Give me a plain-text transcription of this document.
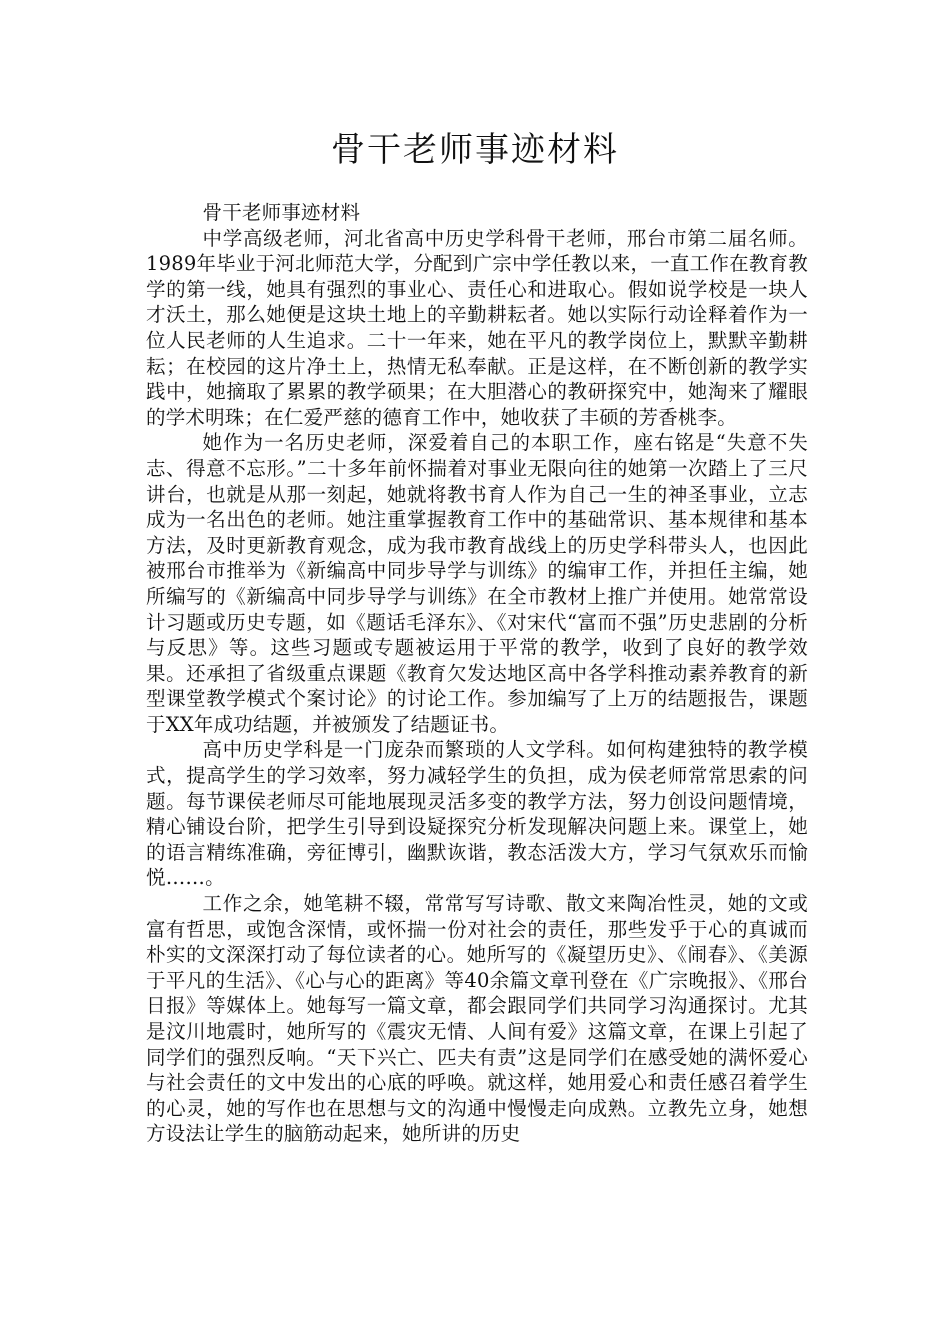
骨干老师事迹材料

骨干老师事迹材料

中学高级老师，河北省高中历史学科骨干老师，邢台市第二届名师。1989年毕业于河北师范大学，分配到广宗中学任教以来，一直工作在教育教学的第一线，她具有强烈的事业心、责任心和进取心。假如说学校是一块人才沃土，那么她便是这块土地上的辛勤耕耘者。她以实际行动诠释着作为一位人民老师的人生追求。二十一年来，她在平凡的教学岗位上，默默辛勤耕耘；在校园的这片净土上，热情无私奉献。正是这样，在不断创新的教学实践中，她摘取了累累的教学硕果；在大胆潜心的教研探究中，她淘来了耀眼的学术明珠；在仁爱严慈的德育工作中，她收获了丰硕的芳香桃李。

她作为一名历史老师，深爱着自己的本职工作，座右铭是“失意不失志、得意不忘形。”二十多年前怀揣着对事业无限向往的她第一次踏上了三尺讲台，也就是从那一刻起，她就将教书育人作为自己一生的神圣事业，立志成为一名出色的老师。她注重掌握教育工作中的基础常识、基本规律和基本方法，及时更新教育观念，成为我市教育战线上的历史学科带头人，也因此被邢台市推举为《新编高中同步导学与训练》的编审工作，并担任主编，她所编写的《新编高中同步导学与训练》在全市教材上推广并使用。她常常设计习题或历史专题，如《题话毛泽东》、《对宋代“富而不强”历史悲剧的分析与反思》等。这些习题或专题被运用于平常的教学，收到了良好的教学效果。还承担了省级重点课题《教育欠发达地区高中各学科推动素养教育的新型课堂教学模式个案讨论》的讨论工作。参加编写了上万的结题报告，课题于XX年成功结题，并被颁发了结题证书。

高中历史学科是一门庞杂而繁琐的人文学科。如何构建独特的教学模式，提高学生的学习效率，努力减轻学生的负担，成为侯老师常常思索的问题。每节课侯老师尽可能地展现灵活多变的教学方法，努力创设问题情境，精心铺设台阶，把学生引导到设疑探究分析发现解决问题上来。课堂上，她的语言精练准确，旁征博引，幽默诙谐，教态活泼大方，学习气氛欢乐而愉悦……。

工作之余，她笔耕不辍，常常写写诗歌、散文来陶冶性灵，她的文或富有哲思，或饱含深情，或怀揣一份对社会的责任，那些发乎于心的真诚而朴实的文深深打动了每位读者的心。她所写的《凝望历史》、《闹春》、《美源于平凡的生活》、《心与心的距离》等40余篇文章刊登在《广宗晚报》、《邢台日报》等媒体上。她每写一篇文章，都会跟同学们共同学习沟通探讨。尤其是汶川地震时，她所写的《震灾无情、人间有爱》这篇文章，在课上引起了同学们的强烈反响。“天下兴亡、匹夫有责”这是同学们在感受她的满怀爱心与社会责任的文中发出的心底的呼唤。就这样，她用爱心和责任感召着学生的心灵，她的写作也在思想与文的沟通中慢慢走向成熟。立教先立身，她想方设法让学生的脑筋动起来，她所讲的历史
